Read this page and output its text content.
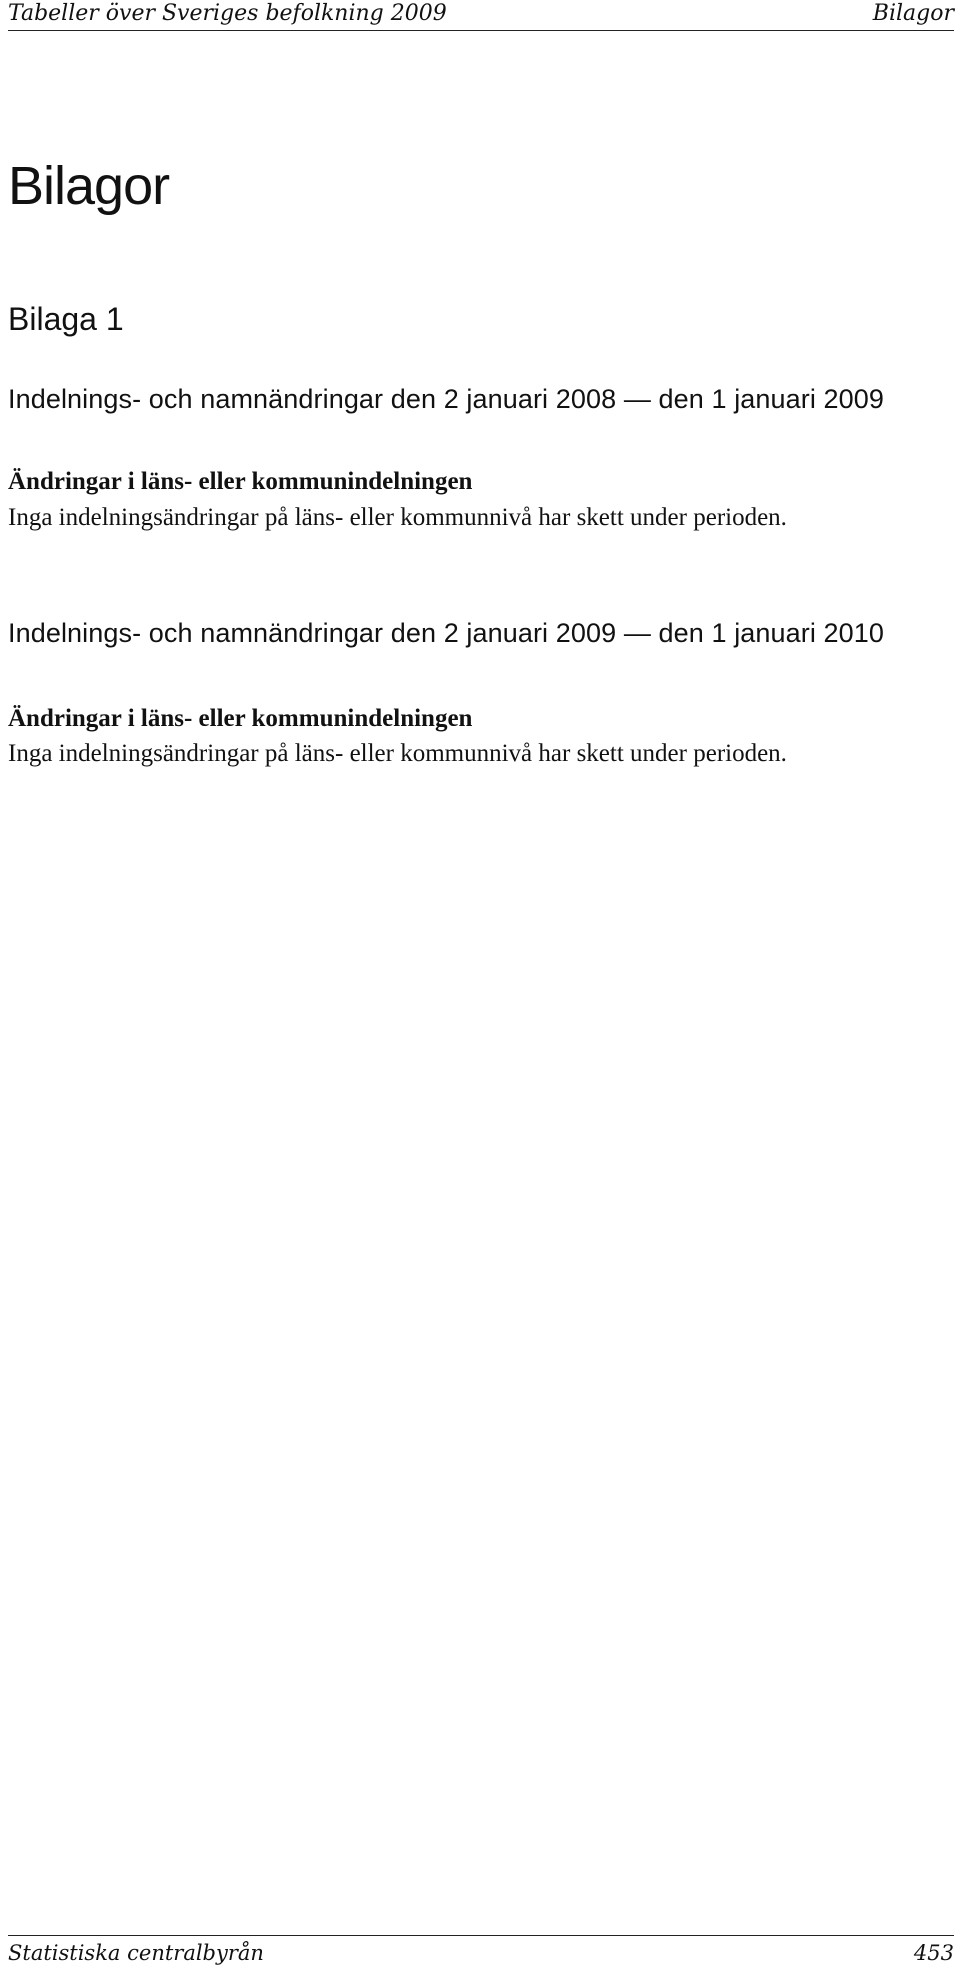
Tabeller över Sveriges befolkning 2009	Bilagor
Bilagor
Bilaga 1
Indelnings- och namnändringar den 2 januari 2008 — den 1 januari 2009
Ändringar i läns- eller kommunindelningen

Inga indelningsändringar på läns- eller kommunnivå har skett under perioden.

Indelnings- och namnändringar den 2 januari 2009 — den 1 januari 2010
Ändringar i läns- eller kommunindelningen

Inga indelningsändringar på läns- eller kommunnivå har skett under perioden.

Statistiska centralbyrån	453
